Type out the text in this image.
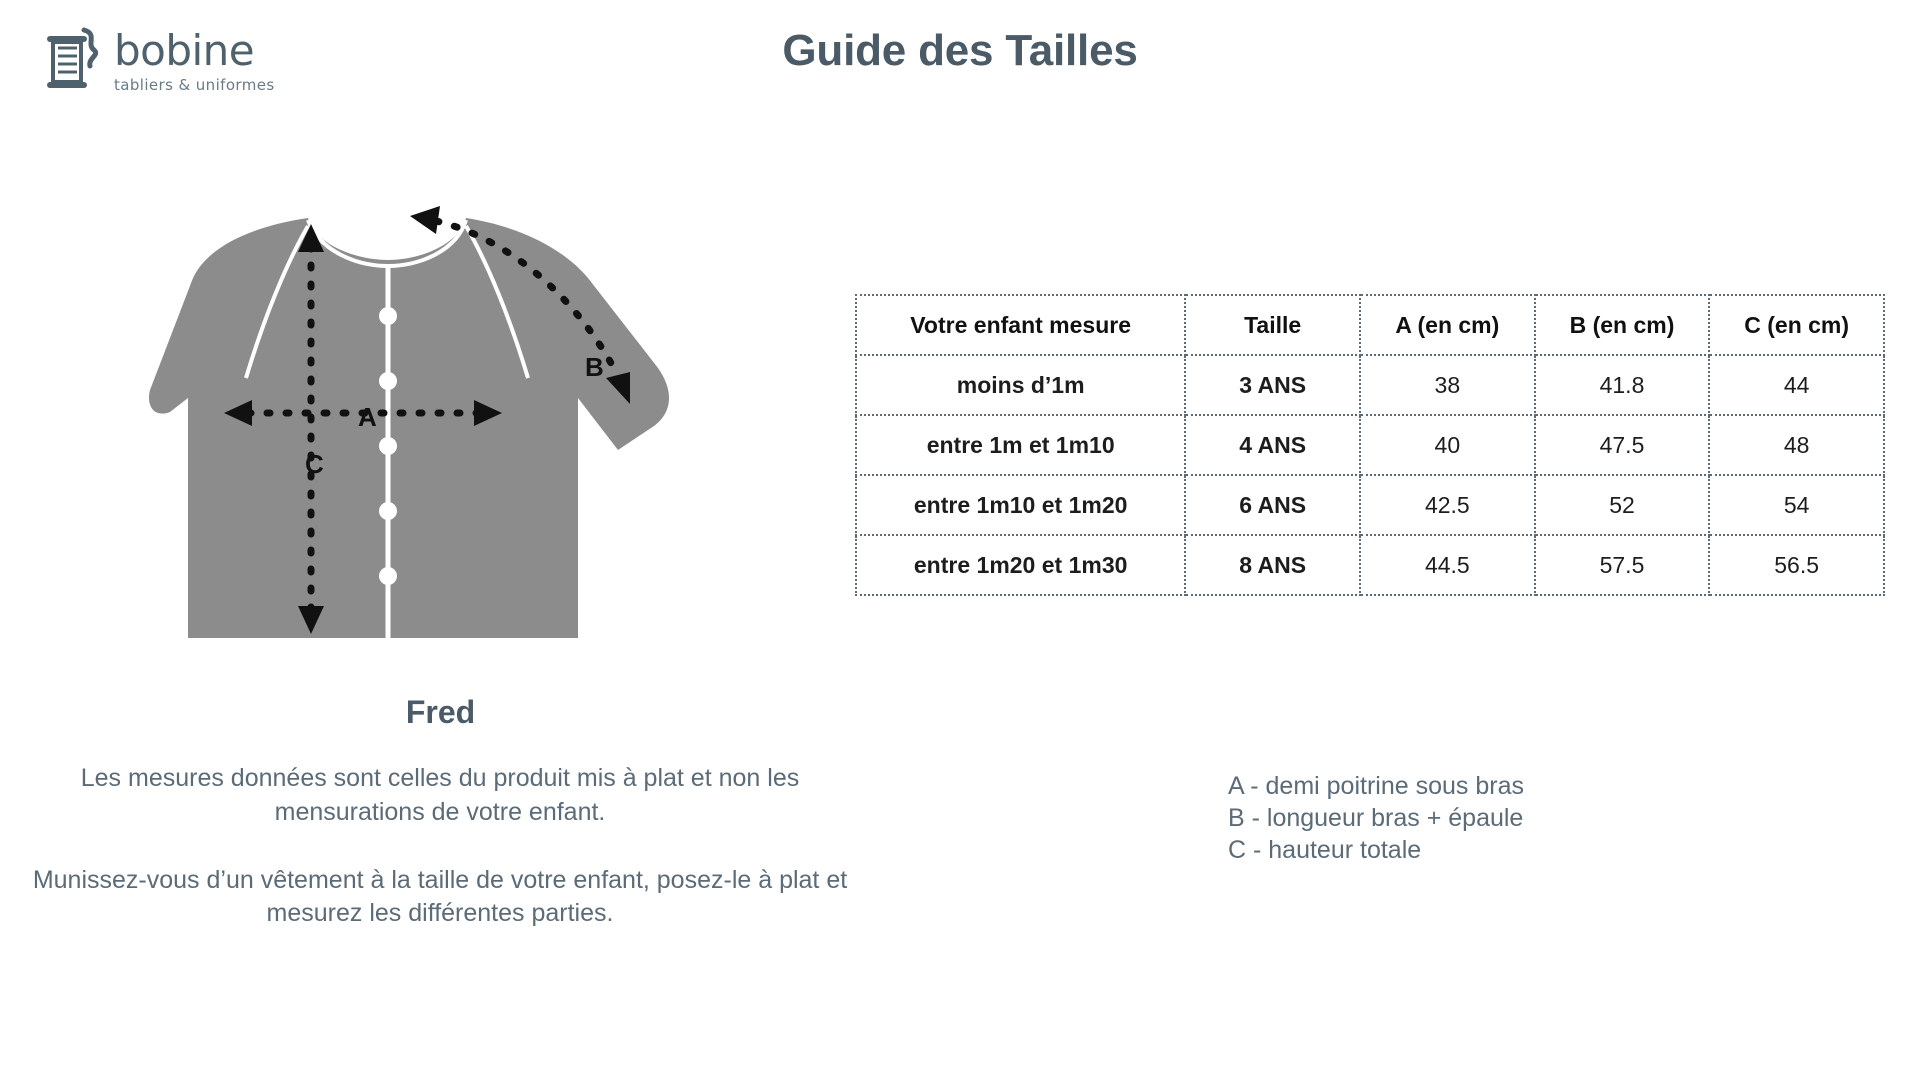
bobine
tabliers & uniformes
Guide des Tailles
A
B
C
Fred

Les mesures données sont celles du produit mis à plat et non les mensurations de votre enfant.

Munissez-vous d’un vêtement à la taille de votre enfant, posez-le à plat et mesurez les différentes parties.

Votre enfant mesure	Taille	A (en cm)	B (en cm)	C (en cm)
moins d’1m	3 ANS	38	41.8	44
entre 1m et 1m10	4 ANS	40	47.5	48
entre 1m10 et 1m20	6 ANS	42.5	52	54
entre 1m20 et 1m30	8 ANS	44.5	57.5	56.5
A - demi poitrine sous bras
B - longueur bras + épaule
C - hauteur totale
